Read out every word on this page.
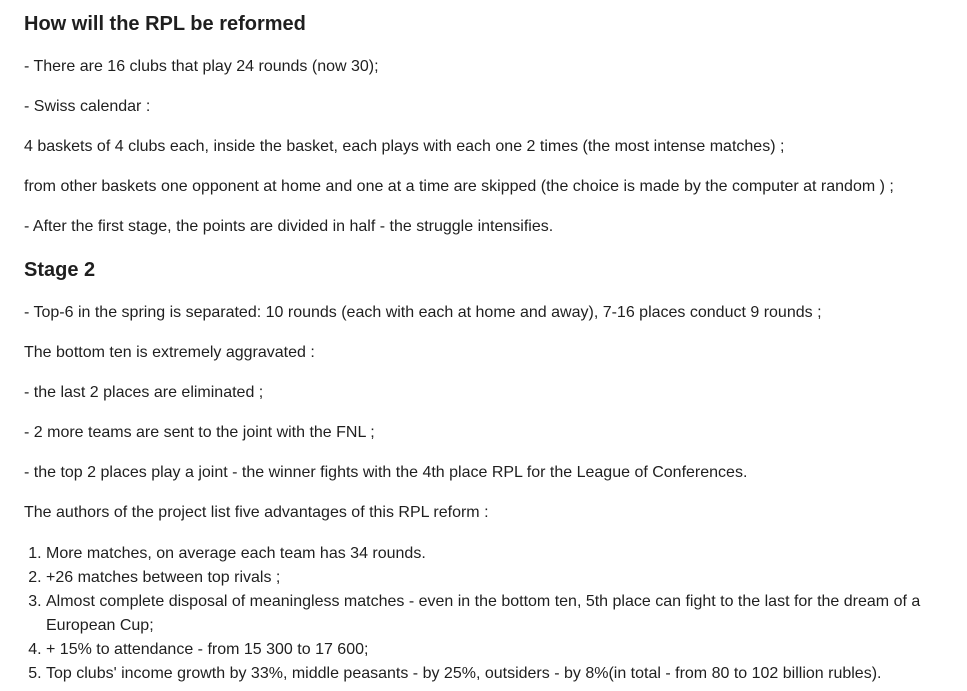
How will the RPL be reformed

- There are 16 clubs that play 24 rounds (now 30);

- Swiss calendar :

4 baskets of 4 clubs each, inside the basket, each plays with each one 2 times (the most intense matches) ;

from other baskets one opponent at home and one at a time are skipped (the choice is made by the computer at random ) ;

- After the first stage, the points are divided in half - the struggle intensifies.

Stage 2

- Top-6 in the spring is separated: 10 rounds (each with each at home and away), 7-16 places conduct 9 rounds ;

The bottom ten is extremely aggravated :

- the last 2 places are eliminated ;

- 2 more teams are sent to the joint with the FNL ;

- the top 2 places play a joint - the winner fights with the 4th place RPL for the League of Conferences.

The authors of the project list five advantages of this RPL reform :

1. More matches, on average each team has 34 rounds.
2. +26 matches between top rivals ;
3. Almost complete disposal of meaningless matches - even in the bottom ten, 5th place can fight to the last for the dream of a European Cup;
4. + 15% to attendance - from 15 300 to 17 600;
5. Top clubs' income growth by 33%, middle peasants - by 25%, outsiders - by 8%(in total - from 80 to 102 billion rubles).
